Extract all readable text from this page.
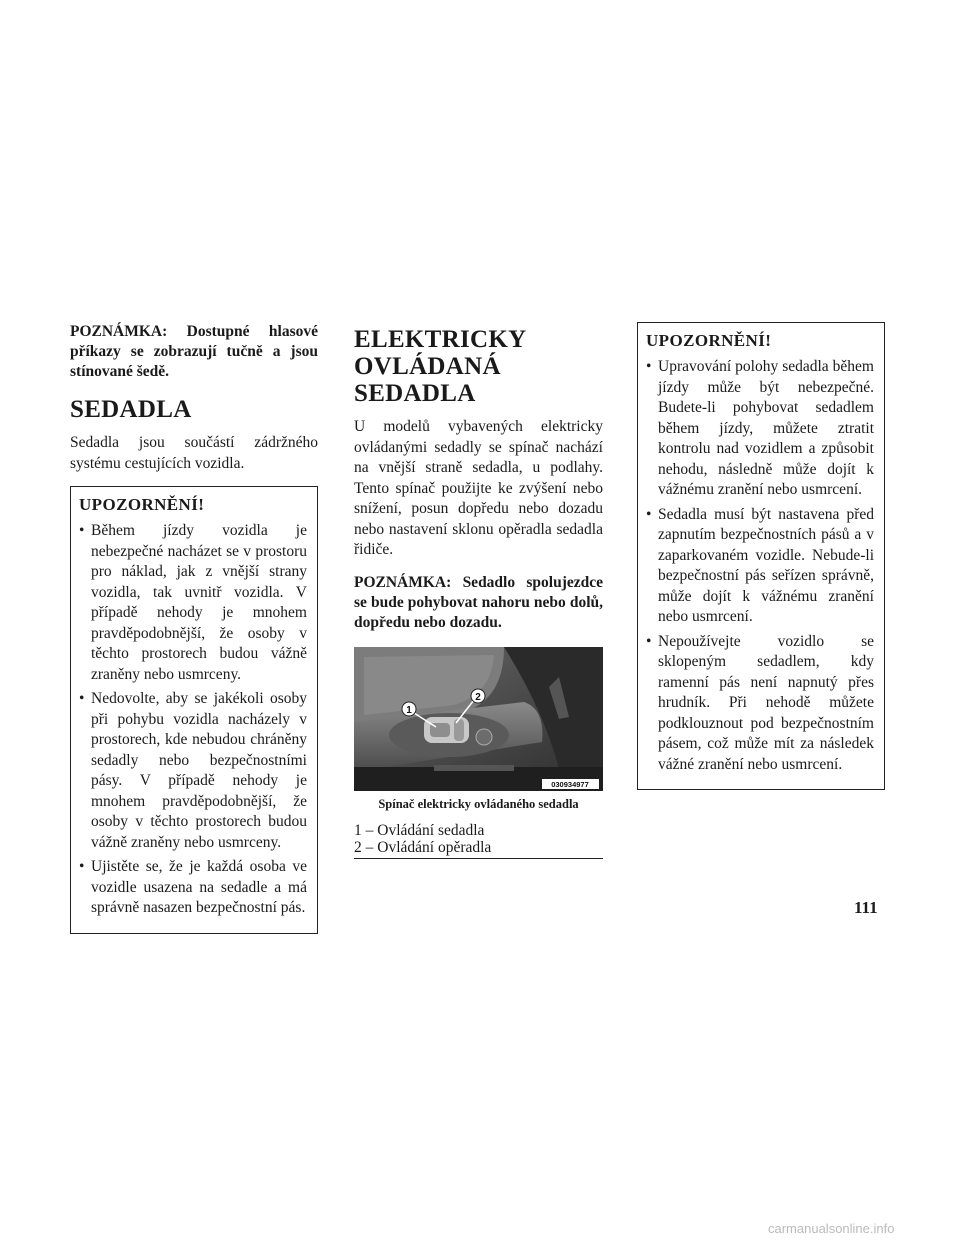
POZNÁMKA: Dostupné hlasové příkazy se zobrazují tučně a jsou stínované šedě.

SEDADLA

Sedadla jsou součástí zádržného systému cestujících vozidla.

UPOZORNĚNÍ!
• Během jízdy vozidla je nebezpečné nacházet se v prostoru pro náklad, jak z vnější strany vozidla, tak uvnitř vozidla. V případě nehody je mnohem pravděpodobnější, že osoby v těchto prostorech budou vážně zraněny nebo usmrceny.
• Nedovolte, aby se jakékoli osoby při pohybu vozidla nacházely v prostorech, kde nebudou chráněny sedadly nebo bezpečnostními pásy. V případě nehody je mnohem pravděpodobnější, že osoby v těchto prostorech budou vážně zraněny nebo usmrceny.
• Ujistěte se, že je každá osoba ve vozidle usazena na sedadle a má správně nasazen bezpečnostní pás.
ELEKTRICKY OVLÁDANÁ SEDADLA

U modelů vybavených elektricky ovládanými sedadly se spínač nachází na vnější straně sedadla, u podlahy. Tento spínač použijte ke zvýšení nebo snížení, posun dopředu nebo dozadu nebo nastavení sklonu opěradla sedadla řidiče.

POZNÁMKA: Sedadlo spolujezdce se bude pohybovat nahoru nebo dolů, dopředu nebo dozadu.

1
2
030934977
Spínač elektricky ovládaného sedadla
1 – Ovládání sedadla
2 – Ovládání opěradla
UPOZORNĚNÍ!
• Upravování polohy sedadla během jízdy může být nebezpečné. Budete-li pohybovat sedadlem během jízdy, můžete ztratit kontrolu nad vozidlem a způsobit nehodu, následně může dojít k vážnému zranění nebo usmrcení.
• Sedadla musí být nastavena před zapnutím bezpečnostních pásů a v zaparkovaném vozidle. Nebude-li bezpečnostní pás seřízen správně, může dojít k vážnému zranění nebo usmrcení.
• Nepoužívejte vozidlo se sklopeným sedadlem, kdy ramenní pás není napnutý přes hrudník. Při nehodě můžete podklouznout pod bezpečnostním pásem, což může mít za následek vážné zranění nebo usmrcení.
111
carmanualsonline.info
